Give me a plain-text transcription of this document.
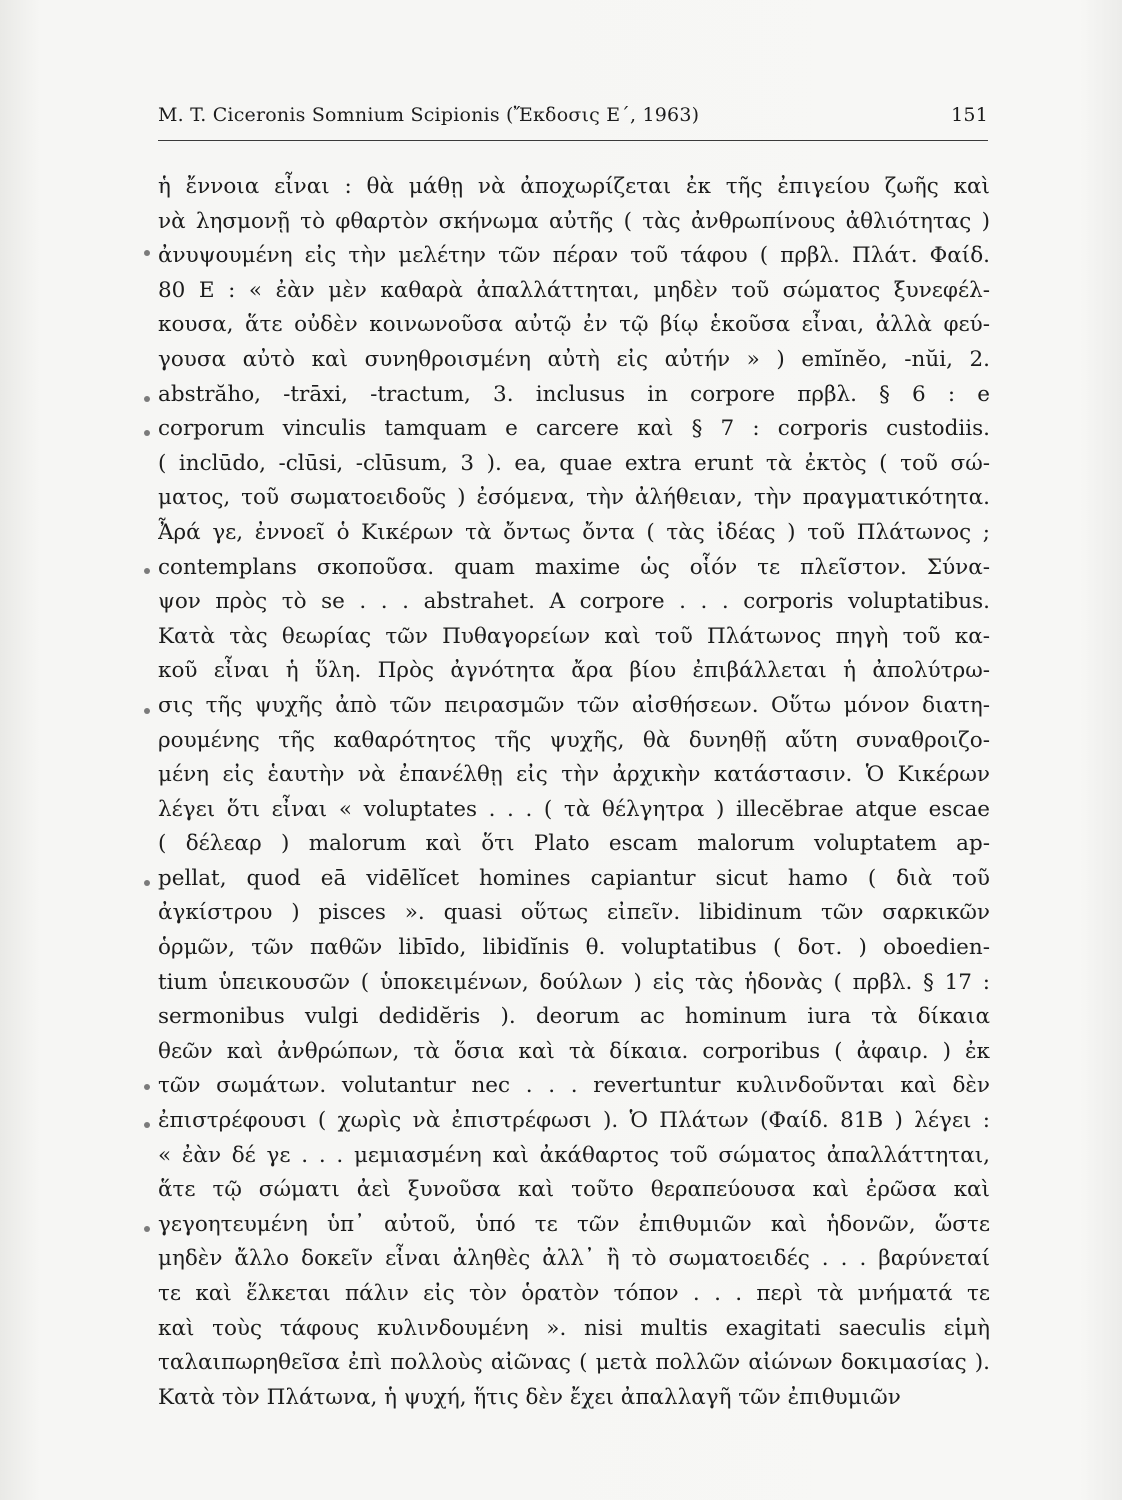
M. T. Ciceronis Somnium Scipionis (Ἔκδοσις Ε΄, 1963)	151
ἡ ἔννοια εἶναι : θὰ μάθῃ νὰ ἀποχωρίζεται ἐκ τῆς ἐπιγείου ζωῆς καὶ
νὰ λησμονῇ τὸ φθαρτὸν σκήνωμα αὐτῆς ( τὰς ἀνθρωπίνους ἀθλιότητας )
ἀνυψουμένη εἰς τὴν μελέτην τῶν πέραν τοῦ τάφου ( πρβλ. Πλάτ. Φαίδ.
80 Ε : « ἐὰν μὲν καθαρὰ ἀπαλλάττηται, μηδὲν τοῦ σώματος ξυνεφέλ-
κουσα, ἅτε οὐδὲν κοινωνοῦσα αὐτῷ ἐν τῷ βίῳ ἑκοῦσα εἶναι, ἀλλὰ φεύ-
γουσα αὐτὸ καὶ συνηθροισμένη αὐτὴ εἰς αὐτήν » ) emĭnĕo, -nŭi, 2.
abstrăho, -trāxi, -tractum, 3. inclusus in corpore πρβλ. § 6 : e
corporum vinculis tamquam e carcere καὶ § 7 : corporis custodiis.
( inclūdo, -clūsi, -clūsum, 3 ). ea, quae extra erunt τὰ ἐκτὸς ( τοῦ σώ-
ματος, τοῦ σωματοειδοῦς ) ἐσόμενα, τὴν ἀλήθειαν, τὴν πραγματικότητα.
Ἆρά γε, ἐννοεῖ ὁ Κικέρων τὰ ὄντως ὄντα ( τὰς ἰδέας ) τοῦ Πλάτωνος ;
contemplans σκοποῦσα. quam maxime ὡς οἷόν τε πλεῖστον. Σύνα-
ψον πρὸς τὸ se . . . abstrahet. A corpore . . . corporis voluptatibus.
Κατὰ τὰς θεωρίας τῶν Πυθαγορείων καὶ τοῦ Πλάτωνος πηγὴ τοῦ κα-
κοῦ εἶναι ἡ ὕλη. Πρὸς ἀγνότητα ἄρα βίου ἐπιβάλλεται ἡ ἀπολύτρω-
σις τῆς ψυχῆς ἀπὸ τῶν πειρασμῶν τῶν αἰσθήσεων. Οὕτω μόνον διατη-
ρουμένης τῆς καθαρότητος τῆς ψυχῆς, θὰ δυνηθῇ αὕτη συναθροιζο-
μένη εἰς ἑαυτὴν νὰ ἐπανέλθῃ εἰς τὴν ἀρχικὴν κατάστασιν. Ὁ Κικέρων
λέγει ὅτι εἶναι « voluptates . . . ( τὰ θέλγητρα ) illecĕbrae atque escae
( δέλεαρ ) malorum καὶ ὅτι Plato escam malorum voluptatem ap-
pellat, quod eā vidēlĭcet homines capiantur sicut hamo ( διὰ τοῦ
ἀγκίστρου ) pisces ». quasi οὕτως εἰπεῖν. libidinum τῶν σαρκικῶν
ὁρμῶν, τῶν παθῶν libīdo, libidĭnis θ. voluptatibus ( δοτ. ) oboedien-
tium ὑπεικουσῶν ( ὑποκειμένων, δούλων ) εἰς τὰς ἡδονὰς ( πρβλ. § 17 :
sermonibus vulgi dedidĕris ). deorum ac hominum iura τὰ δίκαια
θεῶν καὶ ἀνθρώπων, τὰ ὅσια καὶ τὰ δίκαια. corporibus ( ἀφαιρ. ) ἐκ
τῶν σωμάτων. volutantur nec . . . revertuntur κυλινδοῦνται καὶ δὲν
ἐπιστρέφουσι ( χωρὶς νὰ ἐπιστρέφωσι ). Ὁ Πλάτων (Φαίδ. 81Β ) λέγει :
« ἐὰν δέ γε . . . μεμιασμένη καὶ ἀκάθαρτος τοῦ σώματος ἀπαλλάττηται,
ἅτε τῷ σώματι ἀεὶ ξυνοῦσα καὶ τοῦτο θεραπεύουσα καὶ ἐρῶσα καὶ
γεγοητευμένη ὑπ᾿ αὐτοῦ, ὑπό τε τῶν ἐπιθυμιῶν καὶ ἡδονῶν, ὥστε
μηδὲν ἄλλο δοκεῖν εἶναι ἀληθὲς ἀλλ᾿ ἢ τὸ σωματοειδές . . . βαρύνεταί
τε καὶ ἕλκεται πάλιν εἰς τὸν ὁρατὸν τόπον . . . περὶ τὰ μνήματά τε
καὶ τοὺς τάφους κυλινδουμένη ». nisi multis exagitati saeculis εἱμὴ
ταλαιπωρηθεῖσα ἐπὶ πολλοὺς αἰῶνας ( μετὰ πολλῶν αἰώνων δοκιμασίας ).
Κατὰ τὸν Πλάτωνα, ἡ ψυχή, ἥτις δὲν ἔχει ἀπαλλαγῆ τῶν ἐπιθυμιῶν
